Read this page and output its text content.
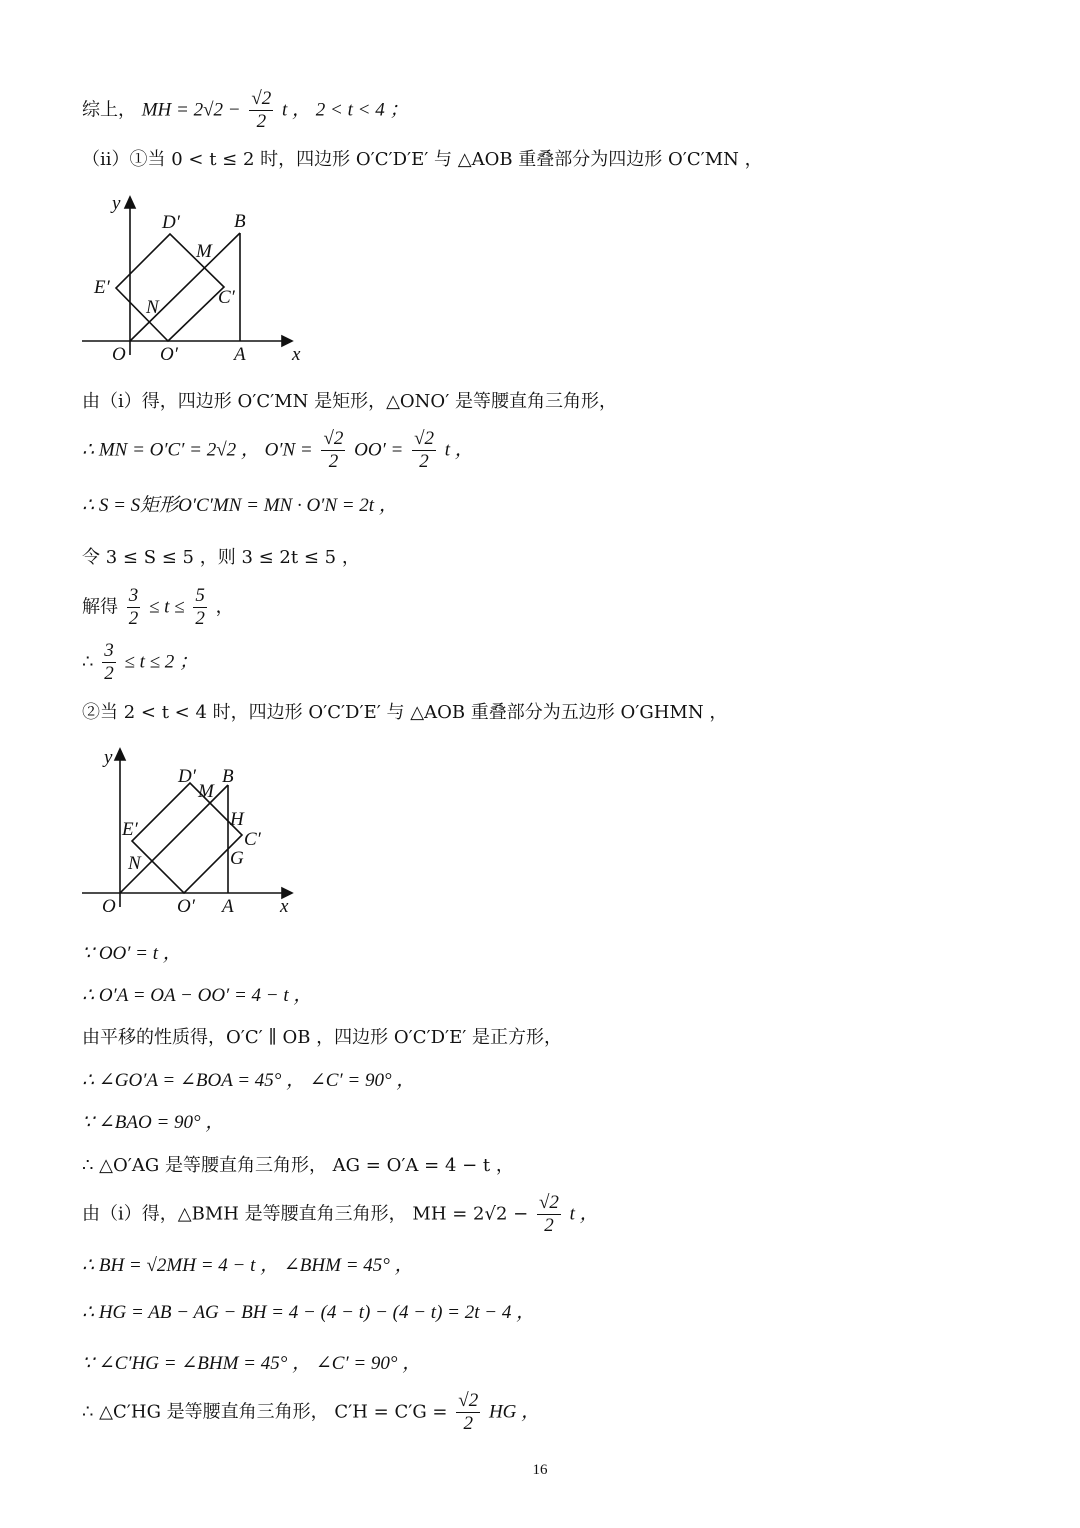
综上， MH = $2√2 - \frac{√2}{2}$ t ， 2 < t < 4 ；
（ⅱ）①当 0 < t ≤ 2 时，四边形 O′C′D′E′ 与 △AOB 重叠部分为四边形 O′C′MN ，
y
x
O O′	A
B
D′
E′	C′
M
N
由（ⅰ）得，四边形 O′C′MN 是矩形，△ONO′ 是等腰直角三角形，
∴ MN = O′C′ = 2√2 ， $O'N = \frac{√2}{2} OO' = \frac{√2}{2}$ t ，
∴ S = S矩形O′C′MN = MN · O′N = 2t ，
令 3 ≤ S ≤ 5 ，则 3 ≤ 2t ≤ 5 ，
解得 $\frac{3}{2} \le t \le \frac{5}{2}$ ，
∴ $\frac{3}{2} \le t \le 2$ ；
②当 2 < t < 4 时，四边形 O′C′D′E′ 与 △AOB 重叠部分为五边形 O′GHMN ，
y
x
O	O′ A
B
D′
E′	C′
M
N
H
G
∵ OO′ = t ，
∴ O′A = OA − OO′ = 4 − t ，
由平移的性质得，O′C′ ∥ OB ，四边形 O′C′D′E′ 是正方形，
∴ ∠GO′A = ∠BOA = 45° ， ∠C′ = 90° ，
∵ ∠BAO = 90° ，
∴ △O′AG 是等腰直角三角形， AG = O′A = 4 − t ，
由（ⅰ）得，△BMH 是等腰直角三角形， MH = $2√2 - \frac{√2}{2}$ t ，
∴ BH = √2MH = 4 − t ， ∠BHM = 45° ，
∴ HG = AB − AG − BH = 4 − (4 − t) − (4 − t) = 2t − 4 ，
∵ ∠C′HG = ∠BHM = 45° ， ∠C′ = 90° ，
∴ △C′HG 是等腰直角三角形， $C'H = C'G = \frac{√2}{2}$ HG ，
16
